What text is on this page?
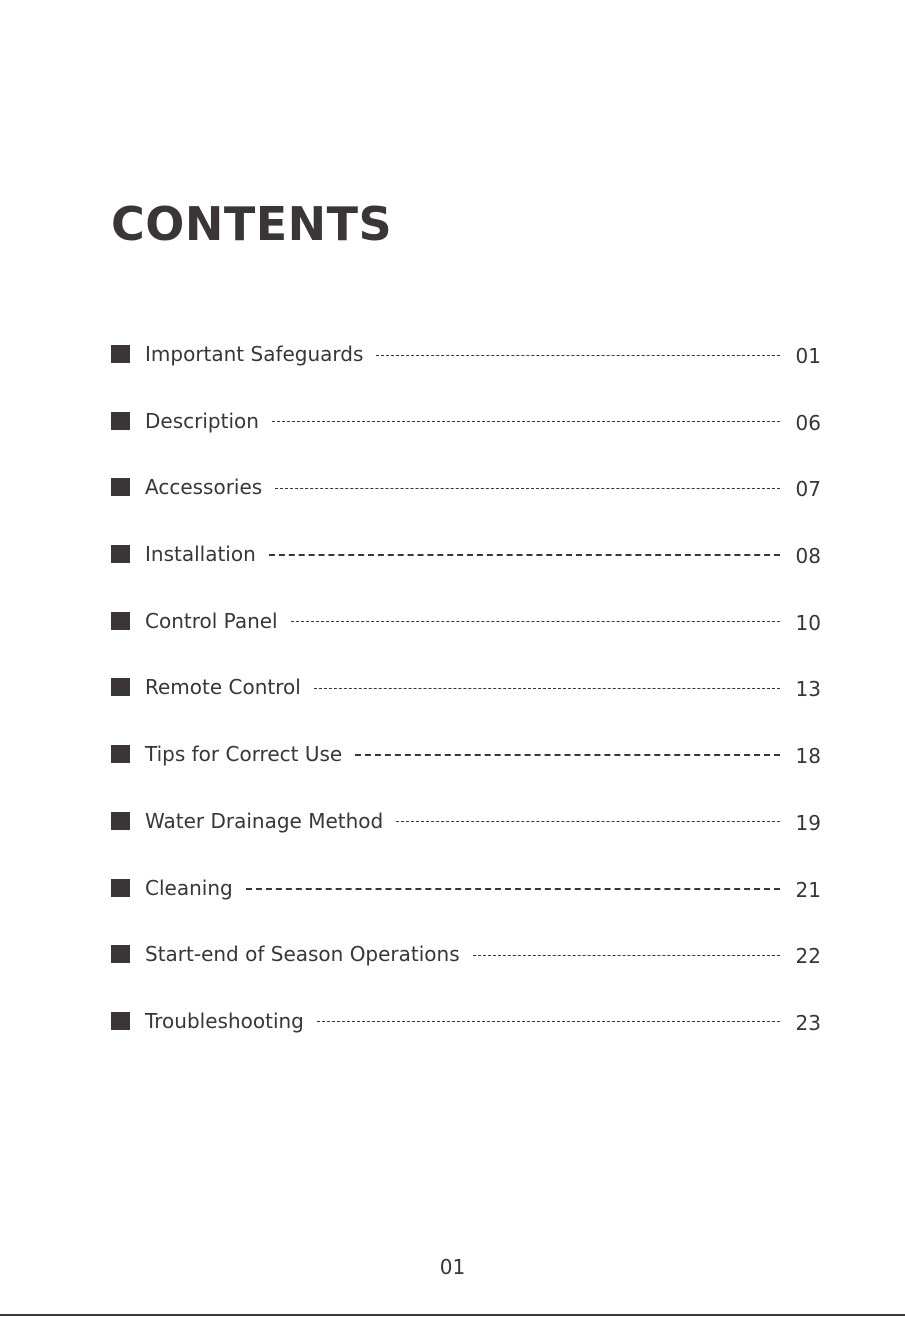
CONTENTS
Important Safeguards	01
Description	06
Accessories	07
Installation	08
Control Panel	10
Remote Control	13
Tips for Correct Use	18
Water Drainage Method	19
Cleaning	21
Start-end of Season Operations	22
Troubleshooting	23
01
